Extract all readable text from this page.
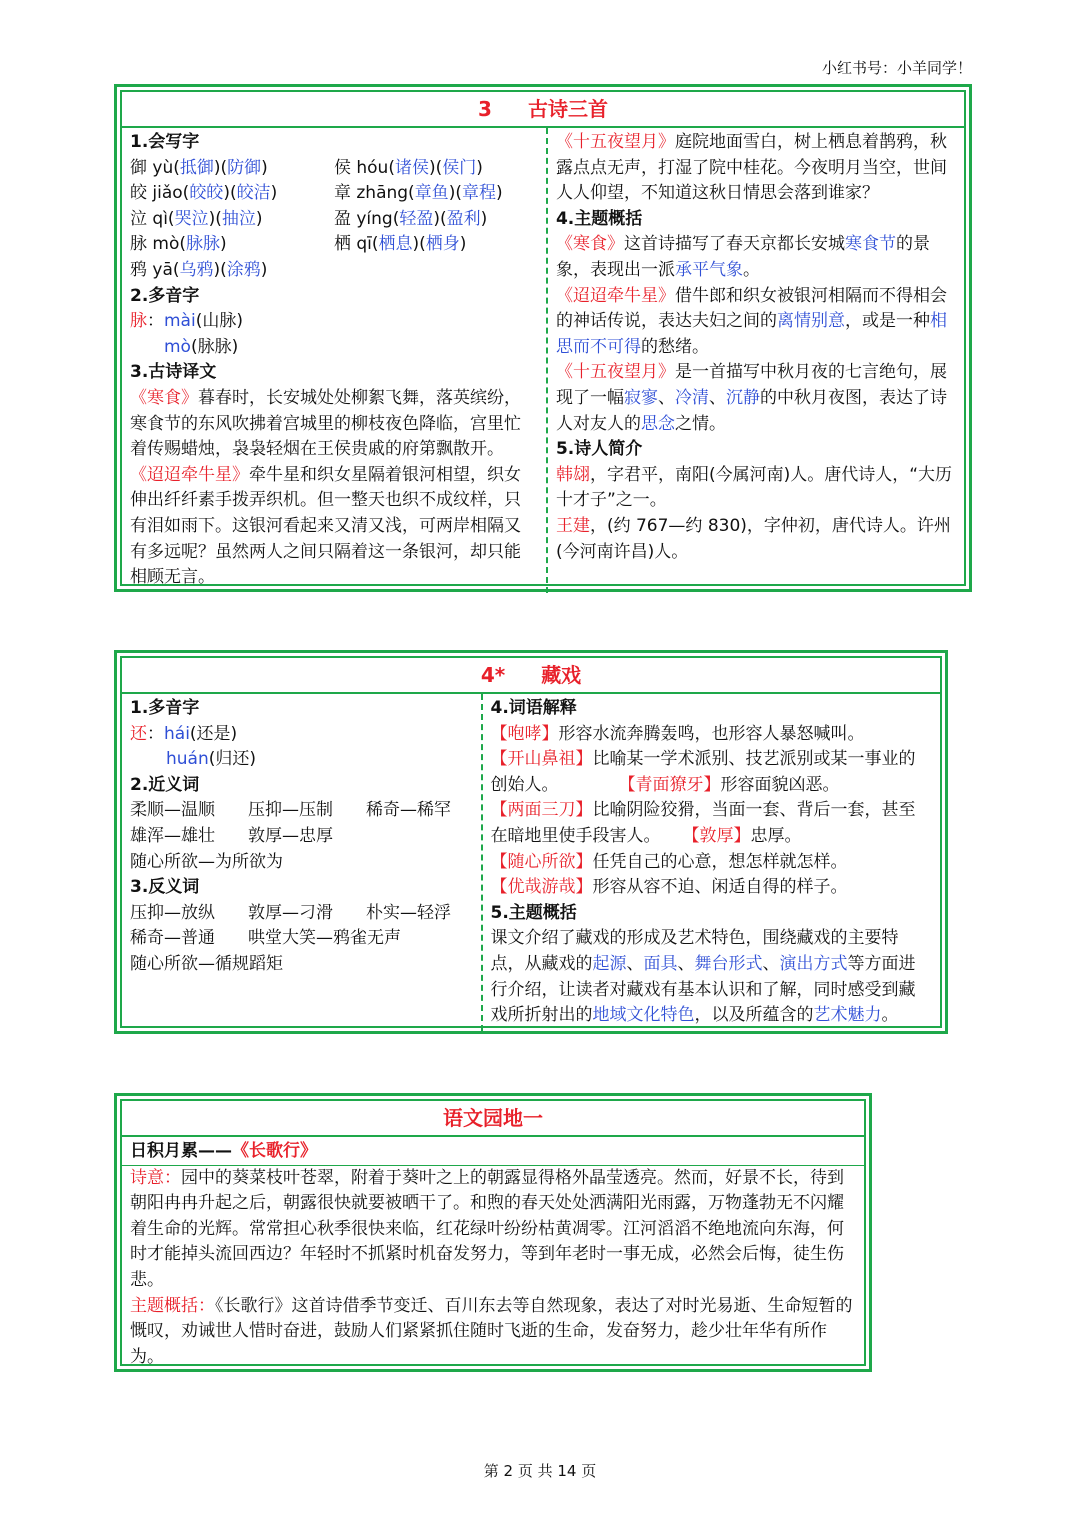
小红书号：小羊同学！
3 古诗三首
1.会写字
御 yù(抵御)(防御)	侯 hóu(诸侯)(侯门)
皎 jiǎo(皎皎)(皎洁)	章 zhāng(章鱼)(章程)
泣 qì(哭泣)(抽泣)	盈 yíng(轻盈)(盈利)
脉 mò(脉脉)	栖 qī(栖息)(栖身)
鸦 yā(乌鸦)(涂鸦)
2.多音字
脉：mài(山脉)
mò(脉脉)
3.古诗译文
《寒食》暮春时，长安城处处柳絮飞舞，落英缤纷，寒食节的东风吹拂着宫城里的柳枝夜色降临，宫里忙着传赐蜡烛，袅袅轻烟在王侯贵戚的府第飘散开。
《迢迢牵牛星》牵牛星和织女星隔着银河相望，织女伸出纤纤素手拨弄织机。但一整天也织不成纹样，只有泪如雨下。这银河看起来又清又浅，可两岸相隔又有多远呢？虽然两人之间只隔着这一条银河，却只能相顾无言。
《十五夜望月》庭院地面雪白，树上栖息着鹊鸦，秋露点点无声，打湿了院中桂花。今夜明月当空，世间人人仰望，不知道这秋日情思会落到谁家？
4.主题概括
《寒食》这首诗描写了春天京都长安城寒食节的景象，表现出一派承平气象。
《迢迢牵牛星》借牛郎和织女被银河相隔而不得相会的神话传说，表达夫妇之间的离情别意，或是一种相思而不可得的愁绪。
《十五夜望月》是一首描写中秋月夜的七言绝句，展现了一幅寂寥、冷清、沉静的中秋月夜图，表达了诗人对友人的思念之情。
5.诗人简介
韩翃，字君平，南阳(今属河南)人。唐代诗人，“大历十才子”之一。
王建，(约 767—约 830)，字仲初，唐代诗人。许州(今河南许昌)人。
4* 藏戏
1.多音字
还：hái(还是)
huán(归还)
2.近义词
柔顺—温顺 压抑—压制 稀奇—稀罕
雄浑—雄壮 敦厚—忠厚
随心所欲—为所欲为
3.反义词
压抑—放纵 敦厚—刁滑 朴实—轻浮
稀奇—普通 哄堂大笑—鸦雀无声
随心所欲—循规蹈矩
4.词语解释
【咆哮】形容水流奔腾轰鸣，也形容人暴怒喊叫。
【开山鼻祖】比喻某一学术派别、技艺派别或某一事业的创始人。	【青面獠牙】形容面貌凶恶。
【两面三刀】比喻阴险狡猾，当面一套、背后一套，甚至在暗地里使手段害人。 【敦厚】忠厚。
【随心所欲】任凭自己的心意，想怎样就怎样。
【优哉游哉】形容从容不迫、闲适自得的样子。
5.主题概括
课文介绍了藏戏的形成及艺术特色，围绕藏戏的主要特点，从藏戏的起源、面具、舞台形式、演出方式等方面进行介绍，让读者对藏戏有基本认识和了解，同时感受到藏戏所折射出的地域文化特色，以及所蕴含的艺术魅力。
语文园地一
日积月累——《长歌行》
诗意：园中的葵菜枝叶苍翠，附着于葵叶之上的朝露显得格外晶莹透亮。然而，好景不长，待到朝阳冉冉升起之后，朝露很快就要被晒干了。和煦的春天处处洒满阳光雨露，万物蓬勃无不闪耀着生命的光辉。常常担心秋季很快来临，红花绿叶纷纷枯黄凋零。江河滔滔不绝地流向东海，何时才能掉头流回西边？年轻时不抓紧时机奋发努力，等到年老时一事无成，必然会后悔，徒生伤悲。
主题概括：《长歌行》这首诗借季节变迁、百川东去等自然现象，表达了对时光易逝、生命短暂的慨叹，劝诫世人惜时奋进，鼓励人们紧紧抓住随时飞逝的生命，发奋努力，趁少壮年华有所作为。
第 2 页 共 14 页
